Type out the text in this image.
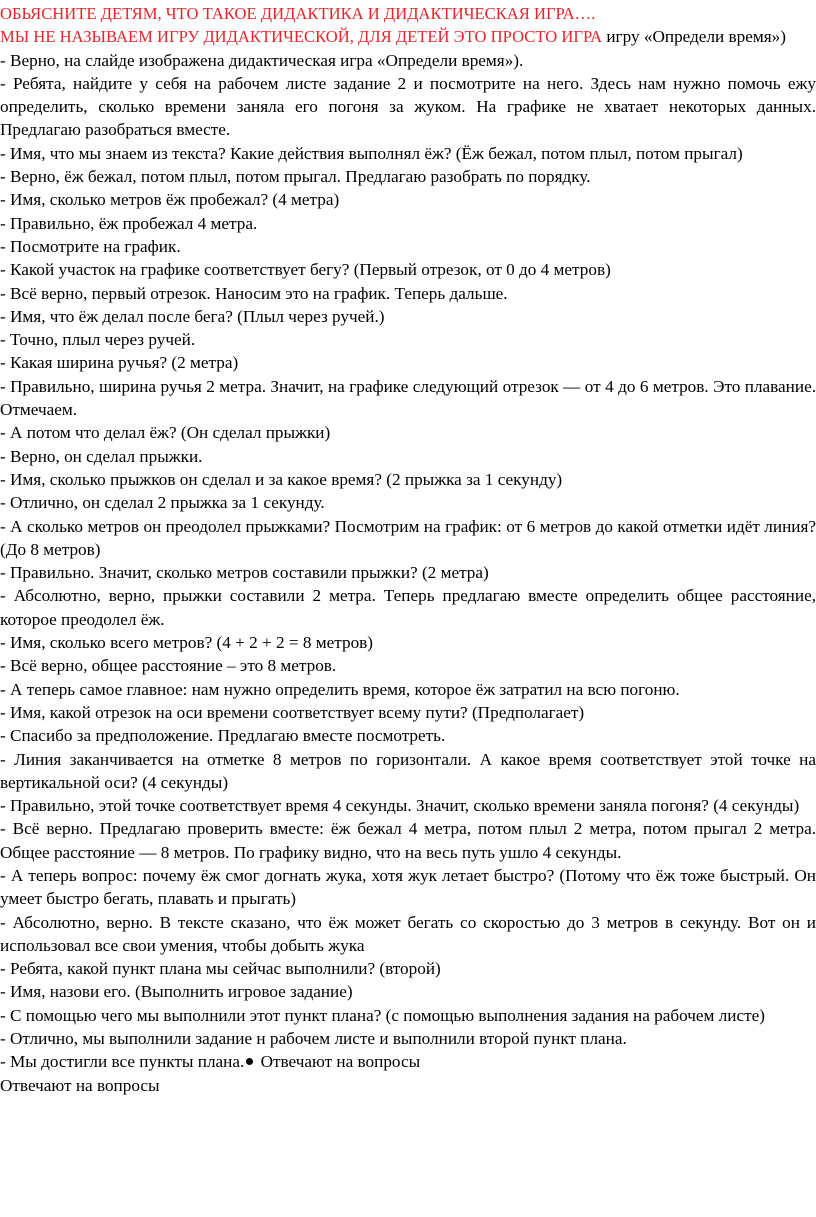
ОБЬЯСНИТЕ ДЕТЯМ, ЧТО ТАКОЕ ДИДАКТИКА И ДИДАКТИЧЕСКАЯ ИГРА….
МЫ НЕ НАЗЫВАЕМ ИГРУ ДИДАКТИЧЕСКОЙ, ДЛЯ ДЕТЕЙ ЭТО ПРОСТО ИГРА игру «Определи время»)

- Верно, на слайде изображена дидактическая игра «Определи время»).

- Ребята, найдите у себя на рабочем листе задание 2 и посмотрите на него. Здесь нам нужно помочь ежу определить, сколько времени заняла его погоня за жуком. На графике не хватает некоторых данных. Предлагаю разобраться вместе.

- Имя, что мы знаем из текста? Какие действия выполнял ёж? (Ёж бежал, потом плыл, потом прыгал)

- Верно, ёж бежал, потом плыл, потом прыгал. Предлагаю разобрать по порядку.

- Имя, сколько метров ёж пробежал? (4 метра)

- Правильно, ёж пробежал 4 метра.

- Посмотрите на график.

- Какой участок на графике соответствует бегу? (Первый отрезок, от 0 до 4 метров)

- Всё верно, первый отрезок. Наносим это на график. Теперь дальше.

- Имя, что ёж делал после бега? (Плыл через ручей.)

- Точно, плыл через ручей.

- Какая ширина ручья? (2 метра)

- Правильно, ширина ручья 2 метра. Значит, на графике следующий отрезок — от 4 до 6 метров. Это плавание. Отмечаем.

- А потом что делал ёж? (Он сделал прыжки)

- Верно, он сделал прыжки.

- Имя, сколько прыжков он сделал и за какое время? (2 прыжка за 1 секунду)

- Отлично, он сделал 2 прыжка за 1 секунду.

- А сколько метров он преодолел прыжками? Посмотрим на график: от 6 метров до какой отметки идёт линия? (До 8 метров)

- Правильно. Значит, сколько метров составили прыжки? (2 метра)

- Абсолютно, верно, прыжки составили 2 метра. Теперь предлагаю вместе определить общее расстояние, которое преодолел ёж.

- Имя, сколько всего метров? (4 + 2 + 2 = 8 метров)

- Всё верно, общее расстояние – это 8 метров.

- А теперь самое главное: нам нужно определить время, которое ёж затратил на всю погоню.

- Имя, какой отрезок на оси времени соответствует всему пути? (Предполагает)

- Спасибо за предположение. Предлагаю вместе посмотреть.

- Линия заканчивается на отметке 8 метров по горизонтали. А какое время соответствует этой точке на вертикальной оси? (4 секунды)

- Правильно, этой точке соответствует время 4 секунды. Значит, сколько времени заняла погоня? (4 секунды)

- Всё верно. Предлагаю проверить вместе: ёж бежал 4 метра, потом плыл 2 метра, потом прыгал 2 метра. Общее расстояние — 8 метров. По графику видно, что на весь путь ушло 4 секунды.

- А теперь вопрос: почему ёж смог догнать жука, хотя жук летает быстро? (Потому что ёж тоже быстрый. Он умеет быстро бегать, плавать и прыгать)

- Абсолютно, верно. В тексте сказано, что ёж может бегать со скоростью до 3 метров в секунду. Вот он и использовал все свои умения, чтобы добыть жука

- Ребята, какой пункт плана мы сейчас выполнили? (второй)

- Имя, назови его. (Выполнить игровое задание)

- С помощью чего мы выполнили этот пункт плана? (с помощью выполнения задания на рабочем листе)

- Отлично, мы выполнили задание н рабочем листе и выполнили второй пункт плана.

- Мы достигли все пункты плана. Отвечают на вопросы

Отвечают на вопросы
